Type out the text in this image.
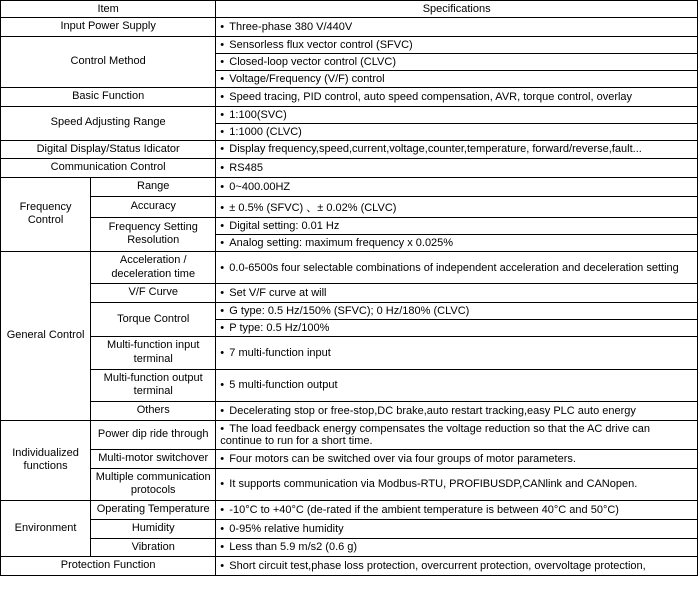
Item		Specifications
Input Power Supply		• Three-phase 380 V/440V
Control Method		• Sensorless flux vector control (SFVC)
		• Closed-loop vector control (CLVC)
		• Voltage/Frequency (V/F) control
Basic Function		• Speed tracing, PID control, auto speed compensation, AVR, torque control, overlay
Speed Adjusting Range		• 1:100(SVC)
		• 1:1000 (CLVC)
Digital Display/Status Idicator		• Display frequency,speed,current,voltage,counter,temperature, forward/reverse,fault...
Communication Control		• RS485
Frequency Control	Range	• 0~400.00HZ
	Accuracy	• ± 0.5% (SFVC) 、± 0.02% (CLVC)
	Frequency Setting Resolution	• Digital setting: 0.01 Hz
		• Analog setting: maximum frequency x 0.025%
General Control	Acceleration / deceleration time	• 0.0-6500s four selectable combinations of independent acceleration and deceleration setting
	V/F Curve	• Set V/F curve at will
	Torque Control	• G type: 0.5 Hz/150% (SFVC); 0 Hz/180% (CLVC)
		• P type: 0.5 Hz/100%
	Multi-function input terminal	• 7 multi-function input
	Multi-function output terminal	• 5 multi-function output
	Others	• Decelerating stop or free-stop,DC brake,auto restart tracking,easy PLC auto energy
Individualized functions	Power dip ride through	• The load feedback energy compensates the voltage reduction so that the AC drive can continue to run for a short time.
	Multi-motor switchover	• Four motors can be switched over via four groups of motor parameters.
	Multiple communication protocols	• It supports communication via Modbus-RTU, PROFIBUSDP,CANlink and CANopen.
Environment	Operating Temperature	• -10°C to +40°C (de-rated if the ambient temperature is between 40°C and 50°C)
	Humidity	• 0-95% relative humidity
	Vibration	• Less than 5.9 m/s2 (0.6 g)
Protection Function		• Short circuit test,phase loss protection, overcurrent protection, overvoltage protection,
